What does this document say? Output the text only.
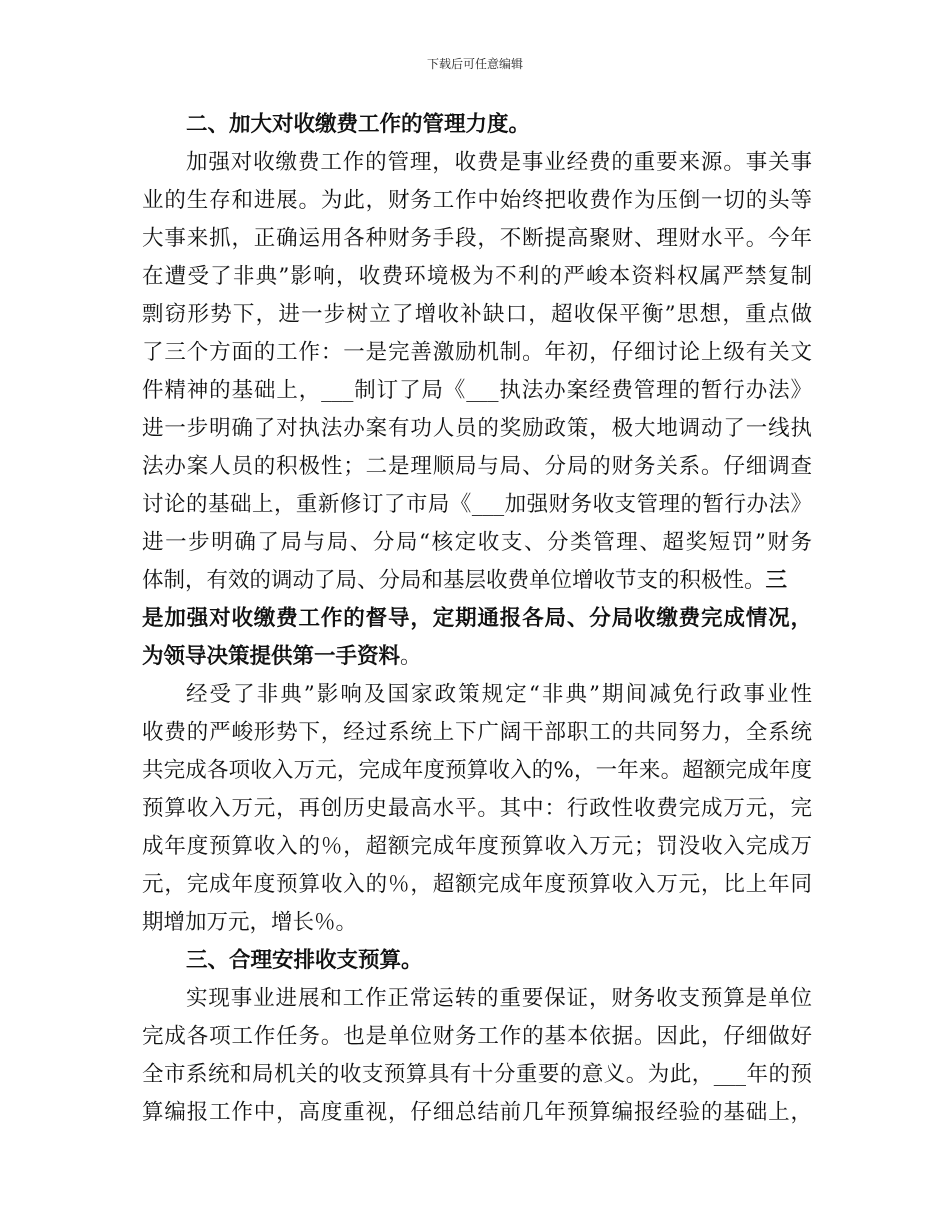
下载后可任意编辑
二、加大对收缴费工作的管理力度。
加强对收缴费工作的管理，收费是事业经费的重要来源。事关事
业的生存和进展。为此，财务工作中始终把收费作为压倒一切的头等
大事来抓，正确运用各种财务手段，不断提高聚财、理财水平。今年
在遭受了非典”影响，收费环境极为不利的严峻本资料权属严禁复制
剽窃形势下，进一步树立了增收补缺口，超收保平衡”思想，重点做
了三个方面的工作：一是完善激励机制。年初，仔细讨论上级有关文
件精神的基础上，___制订了局《___执法办案经费管理的暂行办法》
进一步明确了对执法办案有功人员的奖励政策，极大地调动了一线执
法办案人员的积极性；二是理顺局与局、分局的财务关系。仔细调查
讨论的基础上，重新修订了市局《___加强财务收支管理的暂行办法》
进一步明确了局与局、分局“核定收支、分类管理、超奖短罚”财务
体制，有效的调动了局、分局和基层收费单位增收节支的积极性。三
是加强对收缴费工作的督导，定期通报各局、分局收缴费完成情况，
为领导决策提供第一手资料。
经受了非典”影响及国家政策规定“非典”期间减免行政事业性
收费的严峻形势下，经过系统上下广阔干部职工的共同努力，全系统
共完成各项收入万元，完成年度预算收入的%，一年来。超额完成年度
预算收入万元，再创历史最高水平。其中：行政性收费完成万元，完
成年度预算收入的％，超额完成年度预算收入万元；罚没收入完成万
元，完成年度预算收入的％，超额完成年度预算收入万元，比上年同
期增加万元，增长％。
三、合理安排收支预算。
实现事业进展和工作正常运转的重要保证，财务收支预算是单位
完成各项工作任务。也是单位财务工作的基本依据。因此，仔细做好
全市系统和局机关的收支预算具有十分重要的意义。为此，___年的预
算编报工作中，高度重视，仔细总结前几年预算编报经验的基础上，
